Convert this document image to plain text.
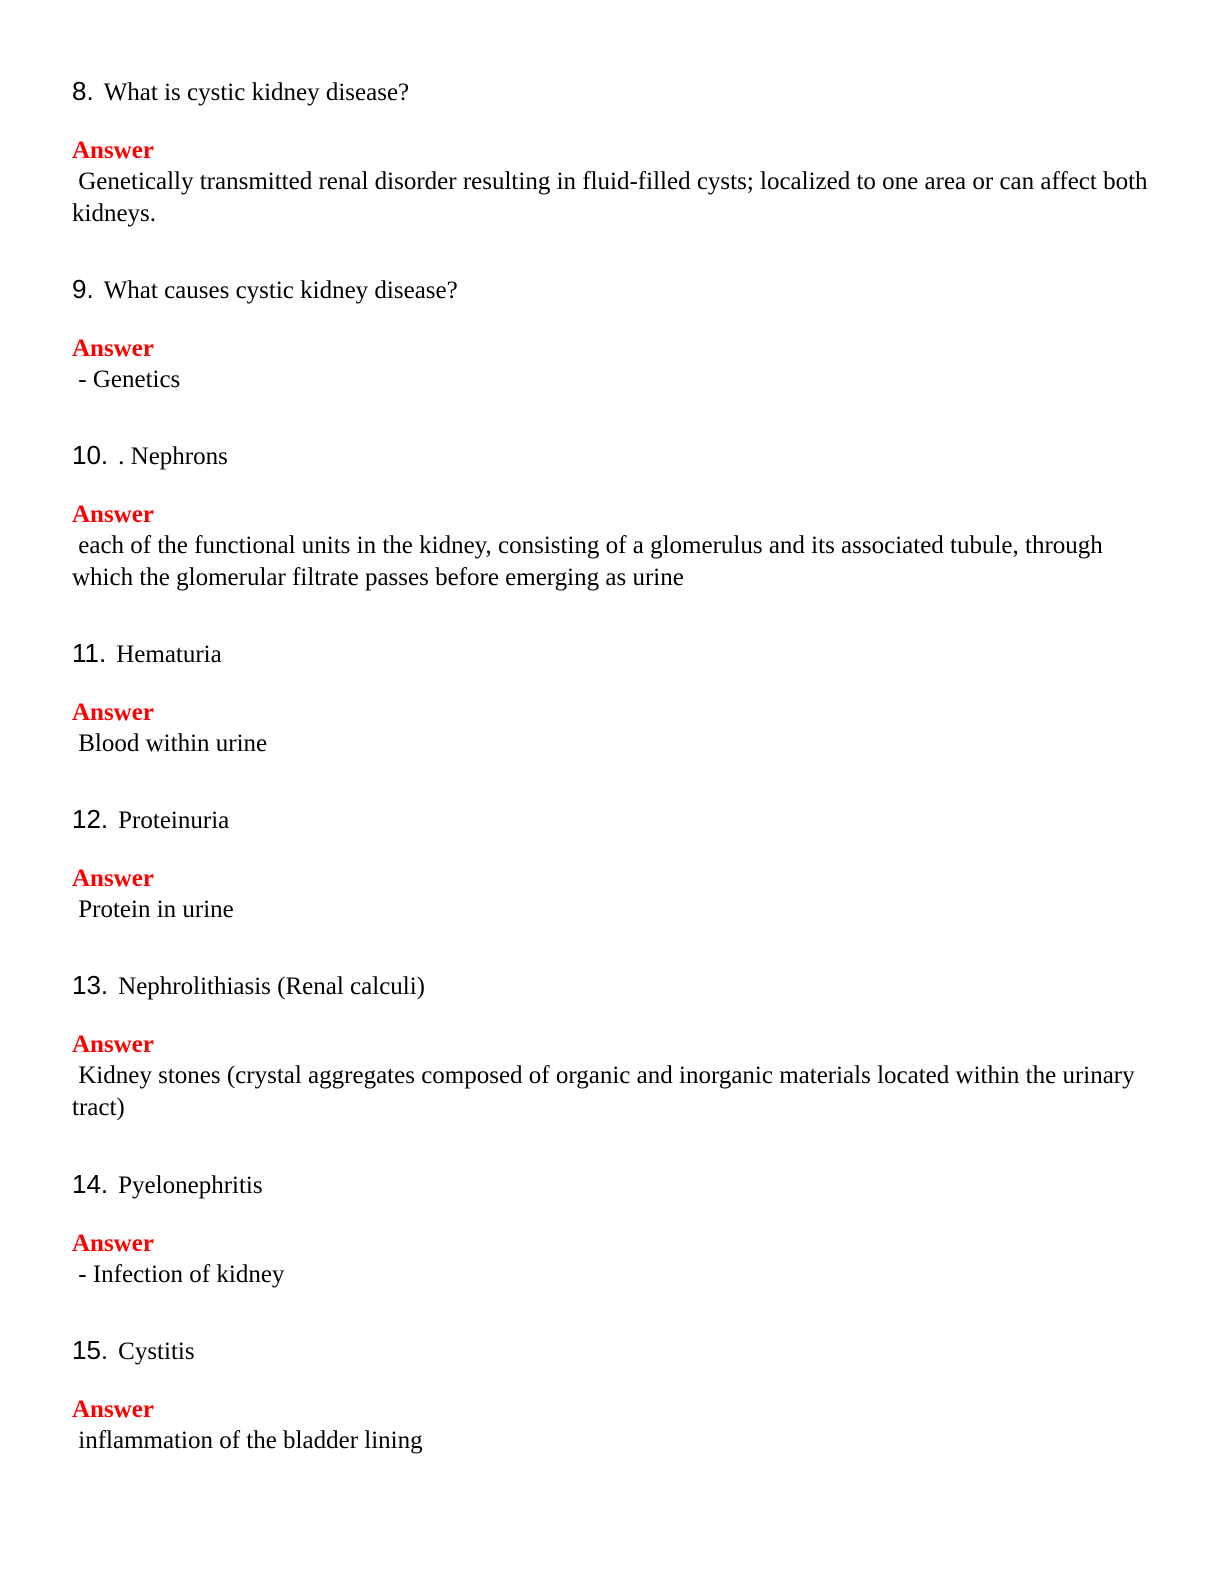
8. What is cystic kidney disease?
Answer
Genetically transmitted renal disorder resulting in fluid-filled cysts; localized to one area or can affect both kidneys.
9. What causes cystic kidney disease?
Answer
- Genetics
10. . Nephrons
Answer
each of the functional units in the kidney, consisting of a glomerulus and its associated tubule, through which the glomerular filtrate passes before emerging as urine
11. Hematuria
Answer
Blood within urine
12. Proteinuria
Answer
Protein in urine
13. Nephrolithiasis (Renal calculi)
Answer
Kidney stones (crystal aggregates composed of organic and inorganic materials located within the urinary tract)
14. Pyelonephritis
Answer
- Infection of kidney
15. Cystitis
Answer
inflammation of the bladder lining
